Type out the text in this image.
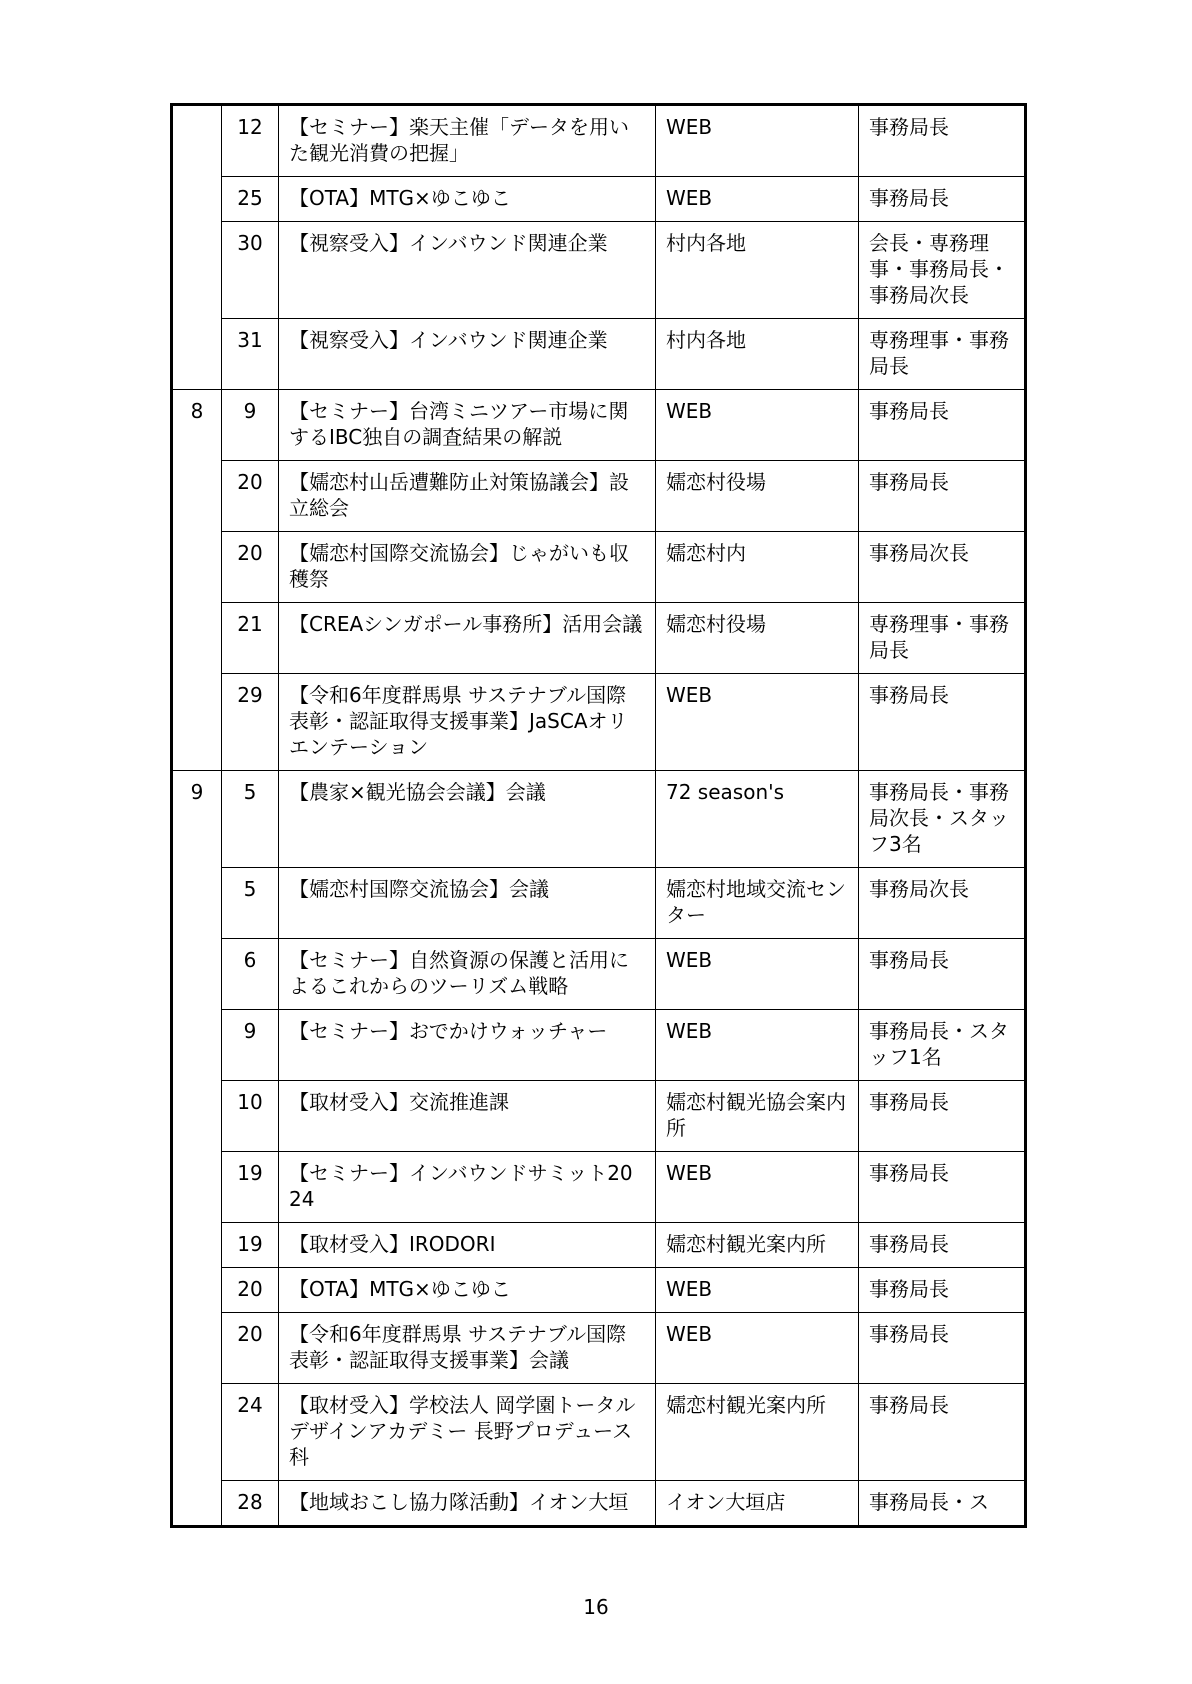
	12	【セミナー】楽天主催「データを用いた観光消費の把握」	WEB	事務局長
	25	【OTA】MTG×ゆこゆこ	WEB	事務局長
	30	【視察受入】インバウンド関連企業	村内各地	会長・専務理事・事務局長・事務局次長
	31	【視察受入】インバウンド関連企業	村内各地	専務理事・事務局長
8	9	【セミナー】台湾ミニツアー市場に関するIBC独自の調査結果の解説	WEB	事務局長
	20	【嬬恋村山岳遭難防止対策協議会】設立総会	嬬恋村役場	事務局長
	20	【嬬恋村国際交流協会】じゃがいも収穫祭	嬬恋村内	事務局次長
	21	【CREAシンガポール事務所】活用会議	嬬恋村役場	専務理事・事務局長
	29	【令和6年度群馬県 サステナブル国際表彰・認証取得支援事業】JaSCAオリエンテーション	WEB	事務局長
9	5	【農家×観光協会会議】会議	72 season's	事務局長・事務局次長・スタッフ3名
	5	【嬬恋村国際交流協会】会議	嬬恋村地域交流センター	事務局次長
	6	【セミナー】自然資源の保護と活用によるこれからのツーリズム戦略	WEB	事務局長
	9	【セミナー】おでかけウォッチャー	WEB	事務局長・スタッフ1名
	10	【取材受入】交流推進課	嬬恋村観光協会案内所	事務局長
	19	【セミナー】インバウンドサミット2024	WEB	事務局長
	19	【取材受入】IRODORI	嬬恋村観光案内所	事務局長
	20	【OTA】MTG×ゆこゆこ	WEB	事務局長
	20	【令和6年度群馬県 サステナブル国際表彰・認証取得支援事業】会議	WEB	事務局長
	24	【取材受入】学校法人 岡学園トータルデザインアカデミー 長野プロデュース科	嬬恋村観光案内所	事務局長
	28	【地域おこし協力隊活動】イオン大垣	イオン大垣店	事務局長・ス
16
